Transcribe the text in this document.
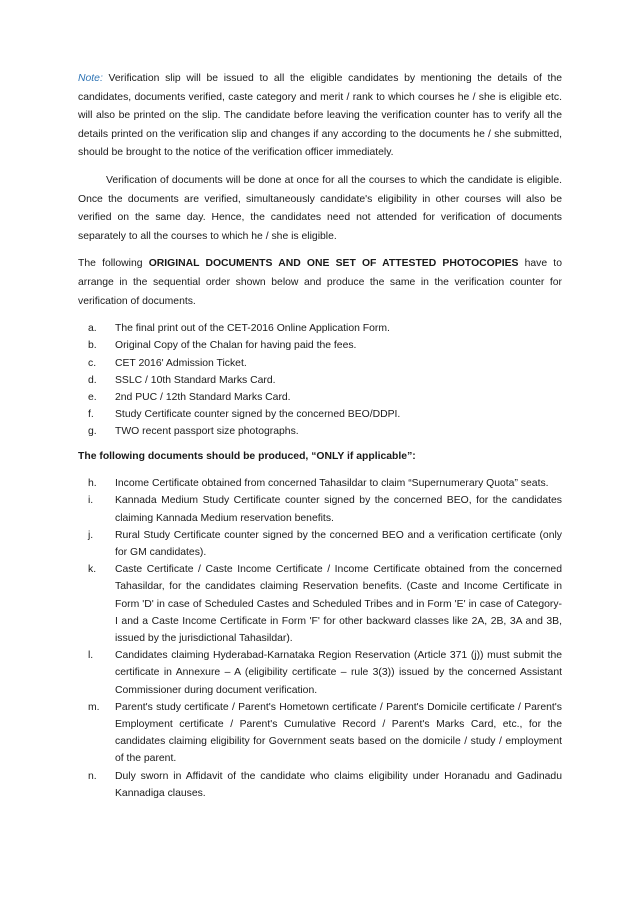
Note: Verification slip will be issued to all the eligible candidates by mentioning the details of the candidates, documents verified, caste category and merit / rank to which courses he / she is eligible etc. will also be printed on the slip. The candidate before leaving the verification counter has to verify all the details printed on the verification slip and changes if any according to the documents he / she submitted, should be brought to the notice of the verification officer immediately.

Verification of documents will be done at once for all the courses to which the candidate is eligible. Once the documents are verified, simultaneously candidate's eligibility in other courses will also be verified on the same day. Hence, the candidates need not attended for verification of documents separately to all the courses to which he / she is eligible.

The following ORIGINAL DOCUMENTS AND ONE SET OF ATTESTED PHOTOCOPIES have to arrange in the sequential order shown below and produce the same in the verification counter for verification of documents.

a. The final print out of the CET-2016 Online Application Form.
b. Original Copy of the Chalan for having paid the fees.
c. CET 2016' Admission Ticket.
d. SSLC / 10th Standard Marks Card.
e. 2nd PUC / 12th Standard Marks Card.
f. Study Certificate counter signed by the concerned BEO/DDPI.
g. TWO recent passport size photographs.

The following documents should be produced, “ONLY if applicable”:

h. Income Certificate obtained from concerned Tahasildar to claim “Supernumerary Quota” seats.
i. Kannada Medium Study Certificate counter signed by the concerned BEO, for the candidates claiming Kannada Medium reservation benefits.
j. Rural Study Certificate counter signed by the concerned BEO and a verification certificate (only for GM candidates).
k. Caste Certificate / Caste Income Certificate / Income Certificate obtained from the concerned Tahasildar, for the candidates claiming Reservation benefits. (Caste and Income Certificate in Form 'D' in case of Scheduled Castes and Scheduled Tribes and in Form 'E' in case of Category-I and a Caste Income Certificate in Form 'F' for other backward classes like 2A, 2B, 3A and 3B, issued by the jurisdictional Tahasildar).
l. Candidates claiming Hyderabad-Karnataka Region Reservation (Article 371 (j)) must submit the certificate in Annexure – A (eligibility certificate – rule 3(3)) issued by the concerned Assistant Commissioner during document verification.
m. Parent's study certificate / Parent's Hometown certificate / Parent's Domicile certificate / Parent's Employment certificate / Parent's Cumulative Record / Parent's Marks Card, etc., for the candidates claiming eligibility for Government seats based on the domicile / study / employment of the parent.
n. Duly sworn in Affidavit of the candidate who claims eligibility under Horanadu and Gadinadu Kannadiga clauses.
